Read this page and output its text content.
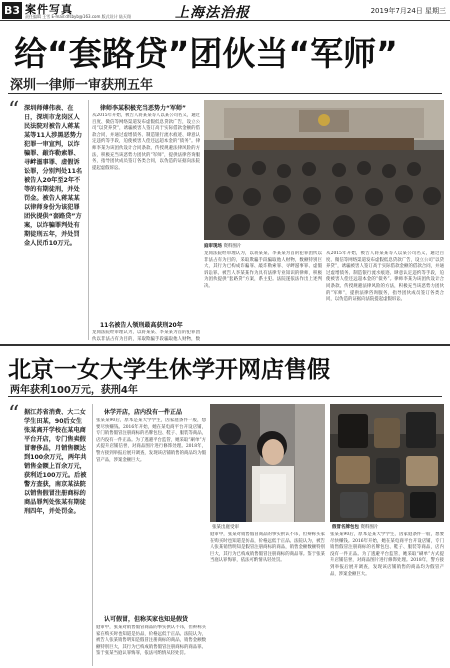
B3 案件写真
责任编辑 王雪 E-mail:dfsbyb@163.com 版式设计 陆天翔	上海法治报	2019年7月24日 星期三
给“套路贷”团伙当“军师”
深圳一律师一审获刑五年
“ 深圳师傅伟表、在日，深圳市龙岗区人民法院对被告人蒋某某等11人涉黑恶势力犯罪一审宣判，以诈骗罪、敲诈勒索罪、寻衅滋事罪、虚假诉讼罪，分别判处11名被告人20年至2年不等的有期徒刑，并处罚金。被告人蒋某某以律师身份为该犯罪团伙提供“套路贷”方案，以诈骗罪判处有期徒刑五年，并处罚金人民币10万元。
律师李某积极充当恶势力“军师”
从2015年开始，被告人蒋某某等人以某公司名义，通过百度、微信等网络渠道发布虚假低息贷款广告，设立公司“以贷养贷”，诱骗被害人签订高于实际借款金额的借款合同，并通过虚增债务、制造银行流水痕迹、肆意认定违约等手段，迫使被害人偿还远超本金的“债务”。律师李某为该团伙设计合同条款、传授规避法律风险的方法，积极充当该恶势力团伙的“军师”，提供法律咨询服务，指导团伙成员签订各类合同，以伪造的证据向法院提起虚假诉讼。
11名被告人领刑最高获刑20年
龙岗法院经审理认为，以蒋某某、李某某为首的犯罪团伙以非法占有为目的，采取欺骗手段骗取他人财物，数
庭审现场 资料图片
龙岗法院经审理认为，以蒋某某、李某某为首的犯罪团伙以非法占有为目的，采取欺骗手段骗取他人财物，数额特别巨大，其行为已构成诈骗罪、敲诈勒索罪、寻衅滋事罪、虚假诉讼罪。被告人李某某作为具有法律专业知识的律师，积极为团伙提供“套路贷”方案，系主犯。法院遂依法作出上述判决。
从2015年开始，被告人蒋某某等人以某公司名义，通过百度、微信等网络渠道发布虚假低息贷款广告，设立公司“以贷养贷”，诱骗被害人签订高于实际借款金额的借款合同，并通过虚增债务、制造银行流水痕迹、肆意认定违约等手段，迫使被害人偿还远超本金的“债务”。律师李某为该团伙设计合同条款、传授规避法律风险的方法，积极充当该恶势力团伙的“军师”，提供法律咨询服务，指导团伙成员签订各类合同，以伪造的证据向法院提起虚假诉讼。
北京一女大学生休学开网店售假
两年获利100万元，获刑4年
“ 据江苏省消费、大二女学生田某，90后女生张某离开学校在某电商平台开店，专门售卖假冒奢侈品，月销售额达到100余万元，两年共销售金额上百余万元，获利近100万元。后被警方查获，南京某法院以销售假冒注册商标的商品罪判处张某有期徒刑四年，并处罚金。
休学开店，店内没有一件正品
张某某90后，原本是某大学学生，因家庭条件一般，想要尽快赚钱。2016年开始，她在某电商平台开设店铺，专门销售假冒注册商标的名牌包包、鞋子、服装等商品，店内没有一件正品。为了逃避平台监管，她采取“刷单”方式提升店铺信誉，对商品图片进行修饰处理。2018年，警方接到举报后展开调查，发现该店铺销售的商品均为假冒产品，涉案金额巨大。
认可假冒，但称买家也知是假货
庭审中，张某对销售假冒商品的事实供认不讳，但辩称买家在购买时也知道是仿品，价格远低于正品。法院认为，被告人张某销售明知是假冒注册商标的商品，销售金额数额特别巨大，其行为已构成销售假冒注册商标的商品罪。鉴于张某当庭认罪悔罪，依法可酌情从轻处罚。
张某出庭受审	假冒名牌包包 资料图片
庭审中，张某对销售假冒商品的事实供认不讳，但辩称买家在购买时也知道是仿品，价格远低于正品。法院认为，被告人张某销售明知是假冒注册商标的商品，销售金额数额特别巨大，其行为已构成销售假冒注册商标的商品罪。鉴于张某当庭认罪悔罪，依法可酌情从轻处罚。
张某某90后，原本是某大学学生，因家庭条件一般，想要尽快赚钱。2016年开始，她在某电商平台开设店铺，专门销售假冒注册商标的名牌包包、鞋子、服装等商品，店内没有一件正品。为了逃避平台监管，她采取“刷单”方式提升店铺信誉，对商品图片进行修饰处理。2018年，警方接到举报后展开调查，发现该店铺销售的商品均为假冒产品，涉案金额巨大。
